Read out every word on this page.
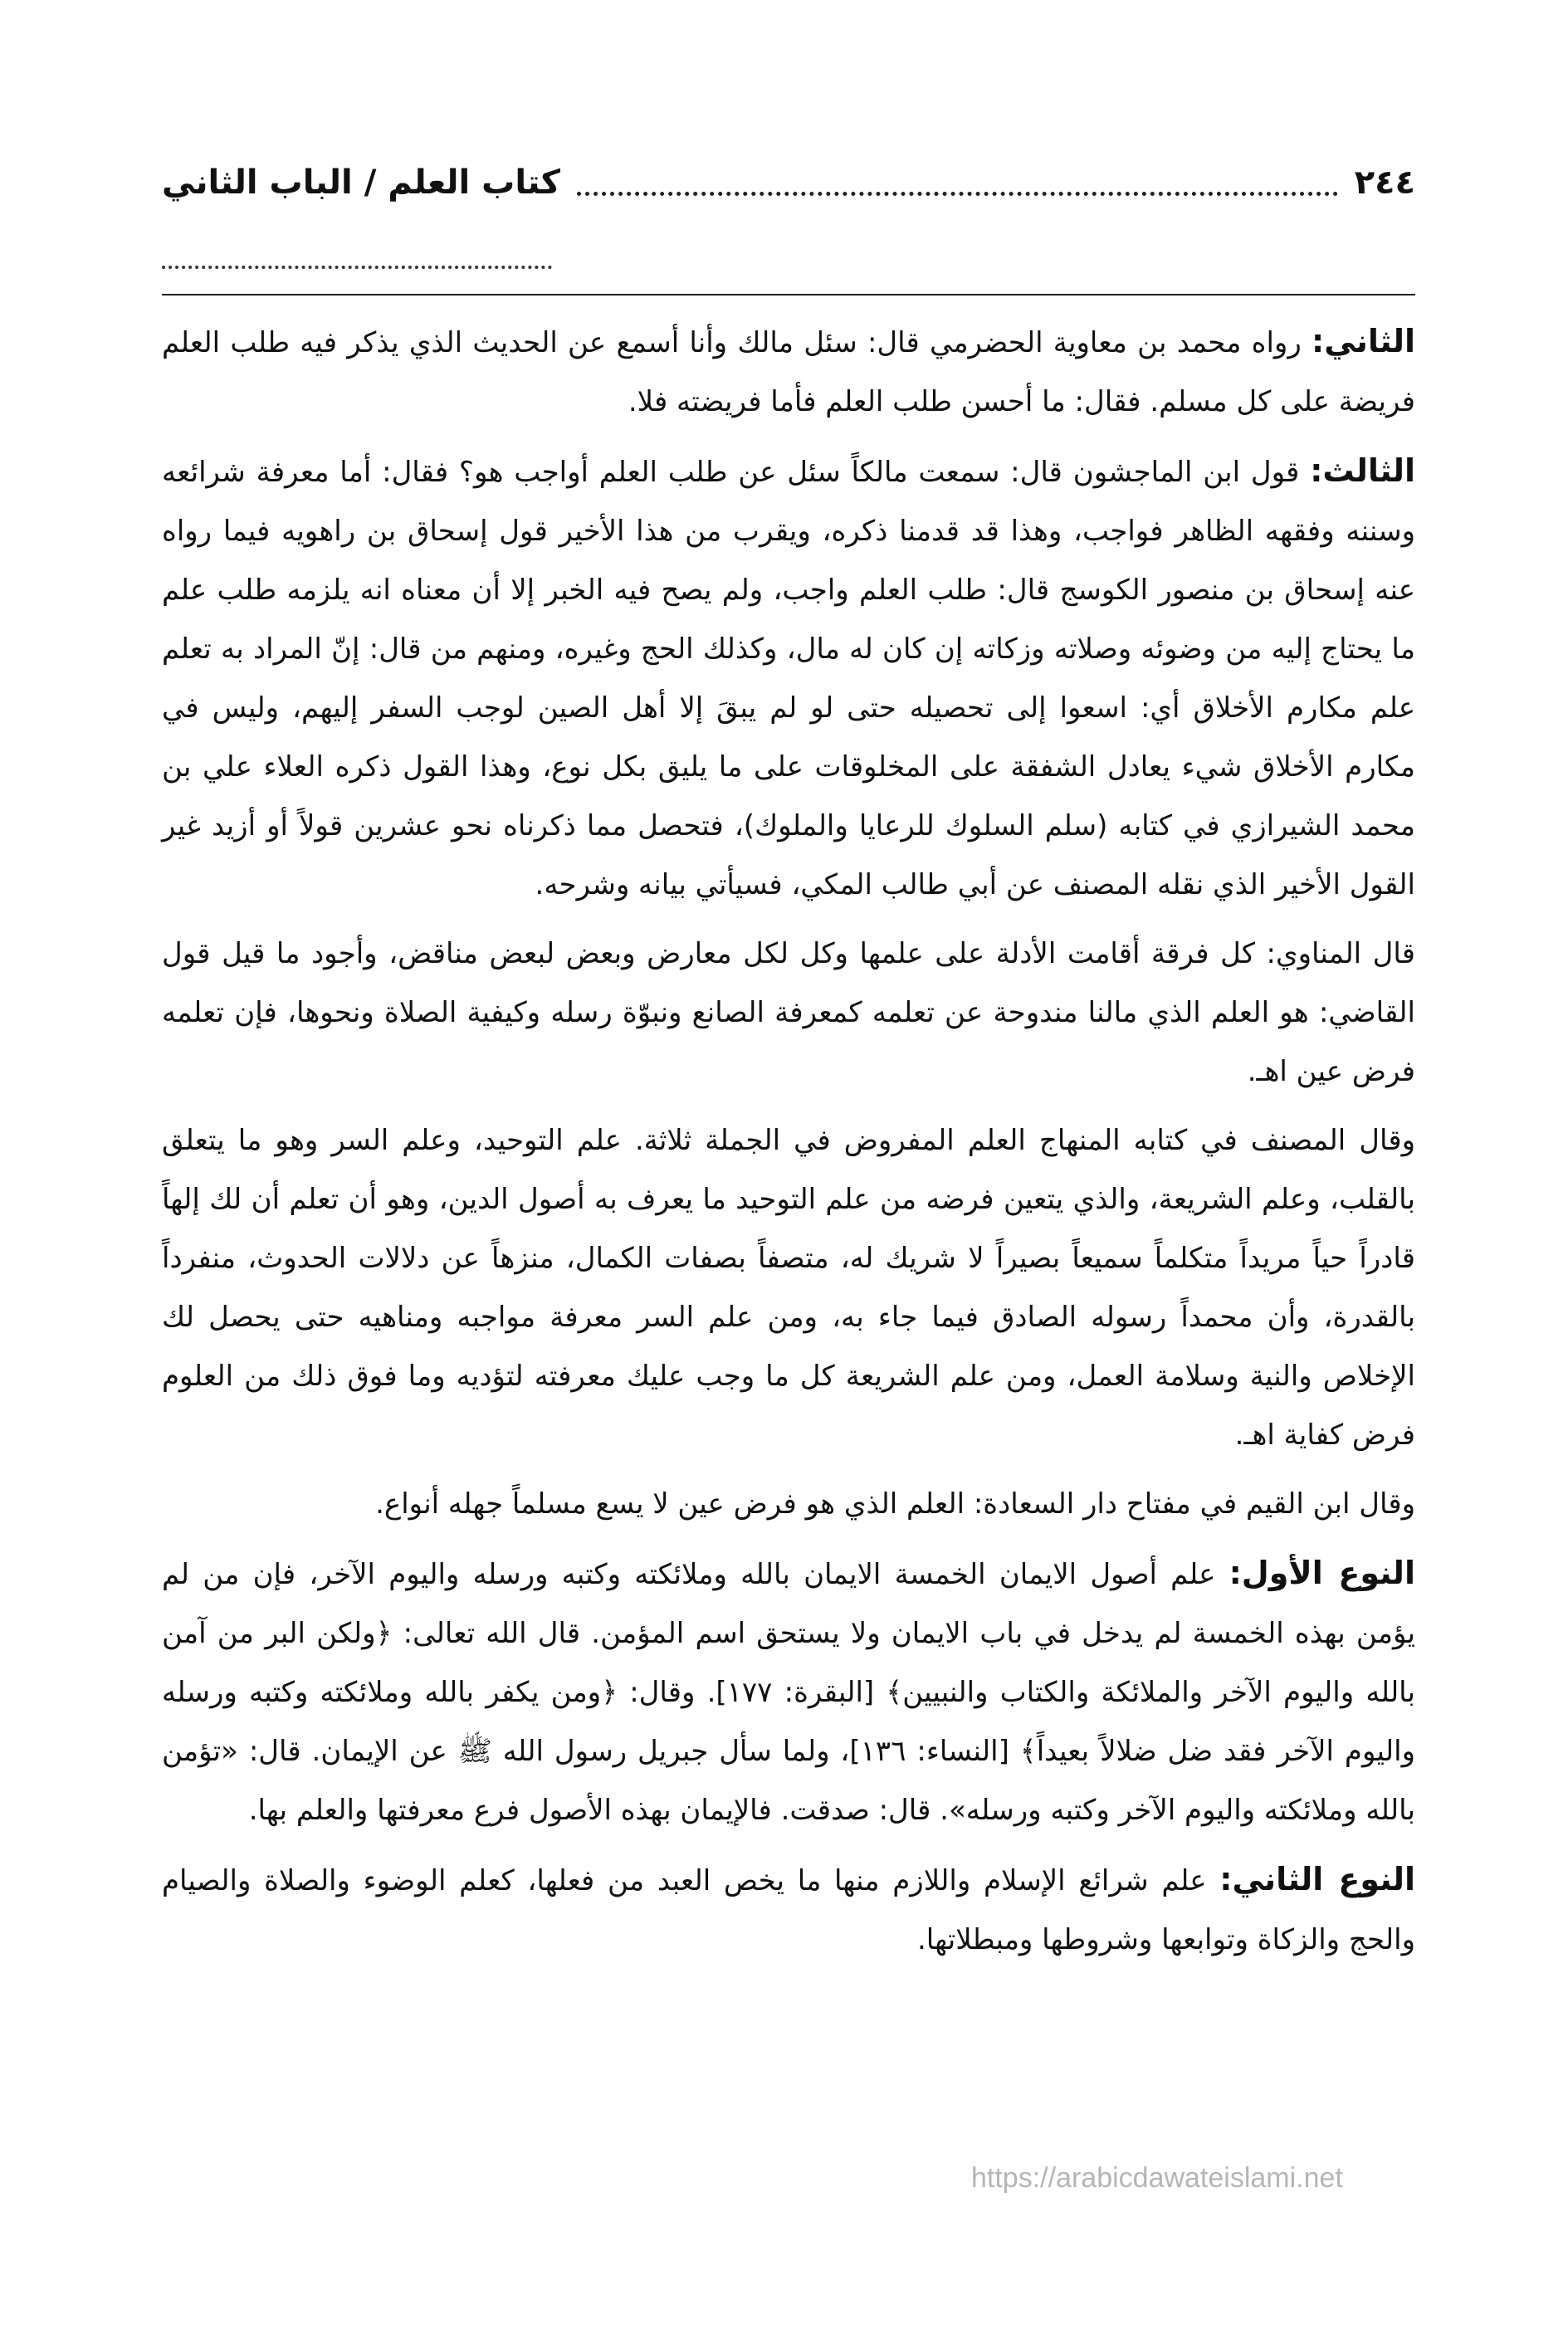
كتاب العلم / الباب الثاني	٢٤٤

الثاني: رواه محمد بن معاوية الحضرمي قال: سئل مالك وأنا أسمع عن الحديث الذي يذكر فيه طلب العلم فريضة على كل مسلم. فقال: ما أحسن طلب العلم فأما فريضته فلا.

الثالث: قول ابن الماجشون قال: سمعت مالكاً سئل عن طلب العلم أواجب هو؟ فقال: أما معرفة شرائعه وسننه وفقهه الظاهر فواجب، وهذا قد قدمنا ذكره، ويقرب من هذا الأخير قول إسحاق بن راهويه فيما رواه عنه إسحاق بن منصور الكوسج قال: طلب العلم واجب، ولم يصح فيه الخبر إلا أن معناه انه يلزمه طلب علم ما يحتاج إليه من وضوئه وصلاته وزكاته إن كان له مال، وكذلك الحج وغيره، ومنهم من قال: إنّ المراد به تعلم علم مكارم الأخلاق أي: اسعوا إلى تحصيله حتى لو لم يبقَ إلا أهل الصين لوجب السفر إليهم، وليس في مكارم الأخلاق شيء يعادل الشفقة على المخلوقات على ما يليق بكل نوع، وهذا القول ذكره العلاء علي بن محمد الشيرازي في كتابه (سلم السلوك للرعايا والملوك)، فتحصل مما ذكرناه نحو عشرين قولاً أو أزيد غير القول الأخير الذي نقله المصنف عن أبي طالب المكي، فسيأتي بيانه وشرحه.

قال المناوي: كل فرقة أقامت الأدلة على علمها وكل لكل معارض وبعض لبعض مناقض، وأجود ما قيل قول القاضي: هو العلم الذي مالنا مندوحة عن تعلمه كمعرفة الصانع ونبوّة رسله وكيفية الصلاة ونحوها، فإن تعلمه فرض عين اهـ.

وقال المصنف في كتابه المنهاج العلم المفروض في الجملة ثلاثة. علم التوحيد، وعلم السر وهو ما يتعلق بالقلب، وعلم الشريعة، والذي يتعين فرضه من علم التوحيد ما يعرف به أصول الدين، وهو أن تعلم أن لك إلهاً قادراً حياً مريداً متكلماً سميعاً بصيراً لا شريك له، متصفاً بصفات الكمال، منزهاً عن دلالات الحدوث، منفرداً بالقدرة، وأن محمداً رسوله الصادق فيما جاء به، ومن علم السر معرفة مواجبه ومناهيه حتى يحصل لك الإخلاص والنية وسلامة العمل، ومن علم الشريعة كل ما وجب عليك معرفته لتؤديه وما فوق ذلك من العلوم فرض كفاية اهـ.

وقال ابن القيم في مفتاح دار السعادة: العلم الذي هو فرض عين لا يسع مسلماً جهله أنواع.

النوع الأول: علم أصول الايمان الخمسة الايمان بالله وملائكته وكتبه ورسله واليوم الآخر، فإن من لم يؤمن بهذه الخمسة لم يدخل في باب الايمان ولا يستحق اسم المؤمن. قال الله تعالى: ﴿ولكن البر من آمن بالله واليوم الآخر والملائكة والكتاب والنبيين﴾ [البقرة: ١٧٧]. وقال: ﴿ومن يكفر بالله وملائكته وكتبه ورسله واليوم الآخر فقد ضل ضلالاً بعيداً﴾ [النساء: ١٣٦]، ولما سأل جبريل رسول الله ﷺ عن الإيمان. قال: «تؤمن بالله وملائكته واليوم الآخر وكتبه ورسله». قال: صدقت. فالإيمان بهذه الأصول فرع معرفتها والعلم بها.

النوع الثاني: علم شرائع الإسلام واللازم منها ما يخص العبد من فعلها، كعلم الوضوء والصلاة والصيام والحج والزكاة وتوابعها وشروطها ومبطلاتها.

https://arabicdawateislami.net
